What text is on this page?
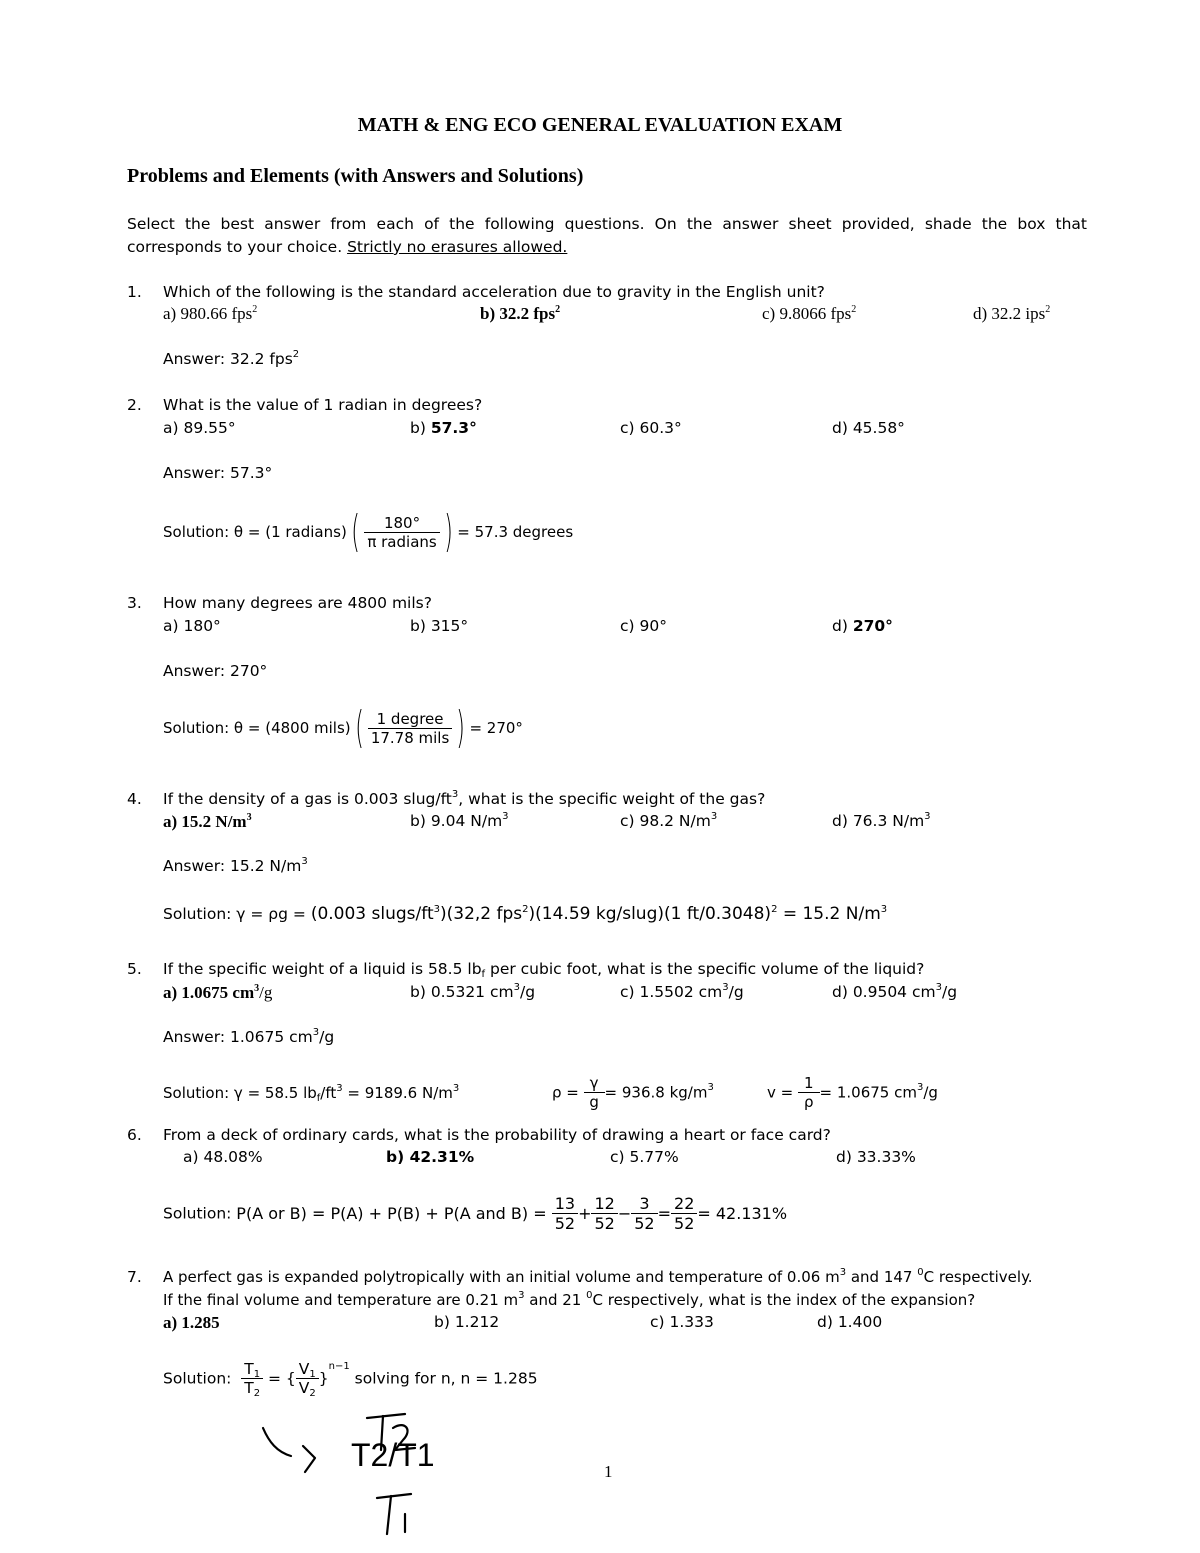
MATH & ENG ECO GENERAL EVALUATION EXAM
Problems and Elements (with Answers and Solutions)
Select the best answer from each of the following questions. On the answer sheet provided, shade the box that corresponds to your choice. Strictly no erasures allowed.
1. Which of the following is the standard acceleration due to gravity in the English unit?
a) 980.66 fps$^2$	b) 32.2 fps$^2$	c) 9.8066 fps$^2$	d) 32.2 ips$^2$
Answer: 32.2 fps$^2$
2. What is the value of 1 radian in degrees?
a) 89.55°	b) 57.3°	c) 60.3°	d) 45.58°
Answer: 57.3°
Solution: θ = (1 radians)( $\frac{180^\circ}{\text{π radians}}$ ) = 57.3 degrees
3. How many degrees are 4800 mils?
a) 180°	b) 315°	c) 90°	d) 270°
Answer: 270°
Solution: θ = (4800 mils)( $\frac{\text{1 degree}}{\text{17.78 mils}}$ ) = 270°
4. If the density of a gas is 0.003 slug/$ft^3$, what is the specific weight of the gas?
a) 15.2 $N/m^3$	b) 9.04 $N/m^3$	c) 98.2 $N/m^3$	d) 76.3 $N/m^3$
Answer: 15.2 $N/m^3$
Solution: γ = ρg = (0.003 slugs/$ft^3)(32,2$ fps$^2$)(14.59 kg/slug)(1 ft/0.3048)$^2$ = 15.2 $N/m^3$
5. If the specific weight of a liquid is 58.5 $lb_f$ per cubic foot, what is the specific volume of the liquid?
a) 1.0675 $cm^3/g$	b) 0.5321 $cm^3/g$	c) 1.5502 $cm^3/g$	d) 0.9504 $cm^3/g$
Answer: 1.0675 $cm^3/g$
Solution: γ = 58.5 $lb_f/ft^3 = 9189.6$ $N/m^3$	$\rho = \frac{\gamma}{g} = 936.8$ $kg/m^3$	$v = \frac{1}{\rho} = 1.0675$ $cm^3/g$
6. From a deck of ordinary cards, what is the probability of drawing a heart or face card?
a) 48.08%	b) 42.31%	c) 5.77%	d) 33.33%
Solution: P(A or B) = P(A) + P(B) + P(A and $B) = \frac{13}{52} + \frac{12}{52} - \frac{3}{52} = \frac{22}{52} = 42.131\%$
7. A perfect gas is expanded polytropically with an initial volume and temperature of 0.06 $m^3$ and 147 $^0$C respectively.
If the final volume and temperature are 0.21 $m^3$ and 21 $^0$C respectively, what is the index of the expansion?
a) 1.285	b) 1.212	c) 1.333	d) 1.400
Solution: $\frac{T_1}{T_2}$ = { $\frac{V_1}{V_2} \}^{n-1}$ solving for n, n = 1.285
T2/T1	1
